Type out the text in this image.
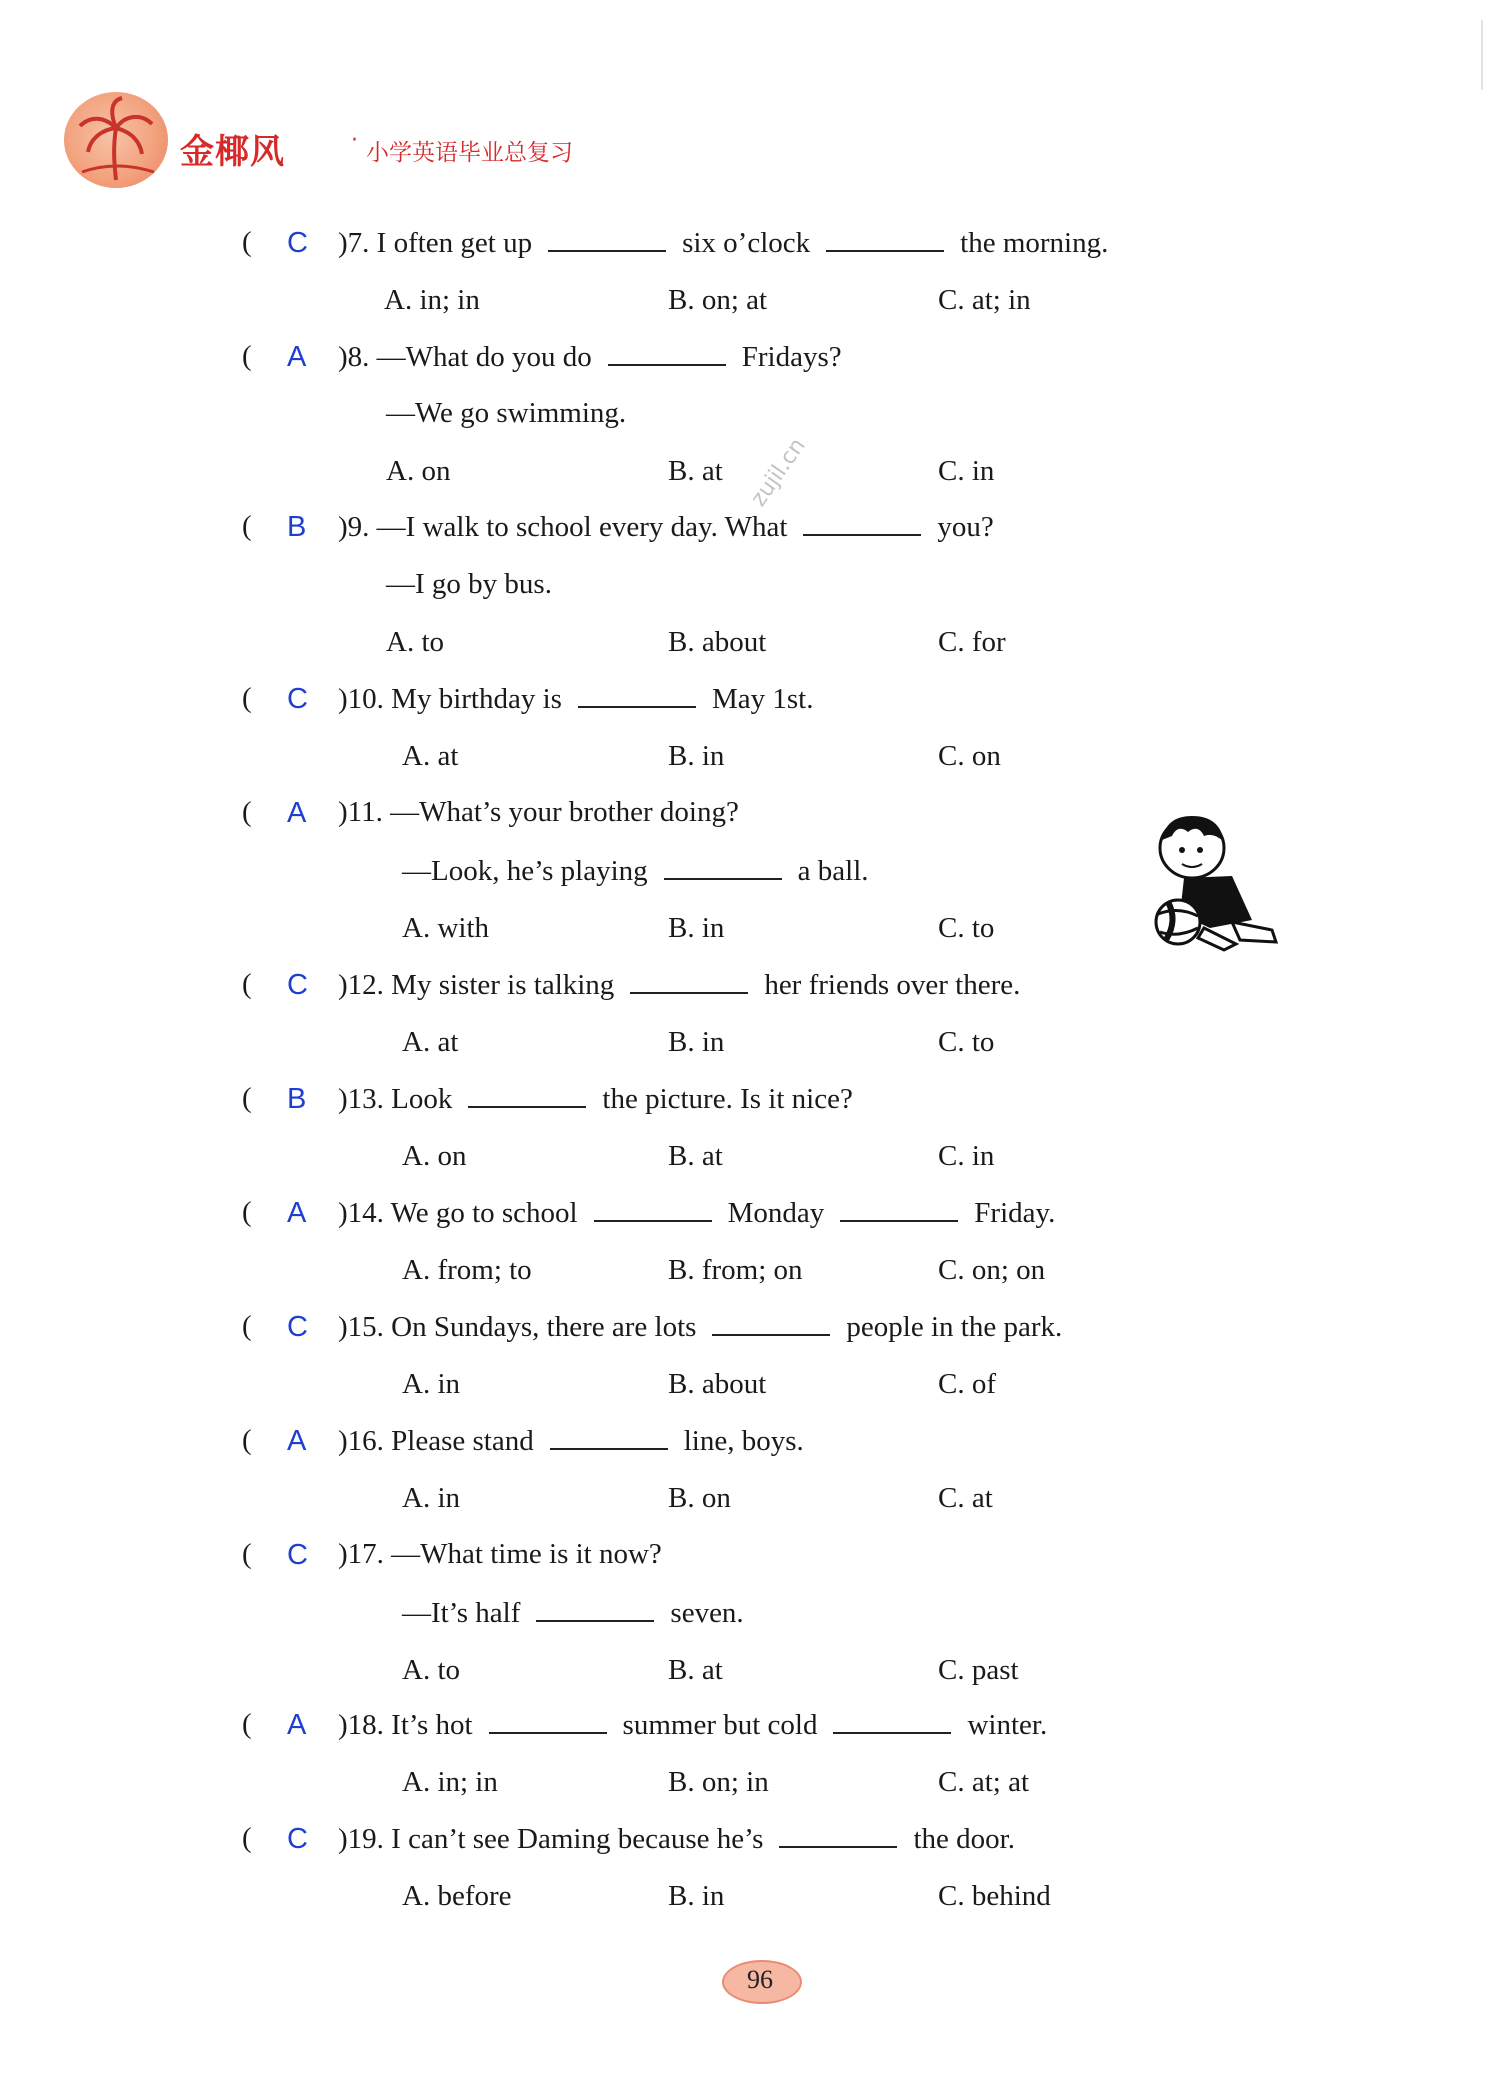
金椰风	· 小学英语毕业总复习
zujil.cn
( C )7. I often get up	six o’clock	the morning.
A. in; in	B. on; at	C. at; in
( A )8. —What do you do	Fridays?
—We go swimming.
A. on	B. at	C. in
( B )9. —I walk to school every day. What	you?
—I go by bus.
A. to	B. about	C. for
( C )10. My birthday is	May 1st.
A. at	B. in	C. on
( A )11. —What’s your brother doing?
—Look, he’s playing	a ball.
A. with	B. in	C. to
( C )12. My sister is talking	her friends over there.
A. at	B. in	C. to
( B )13. Look	the picture. Is it nice?
A. on	B. at	C. in
( A )14. We go to school	Monday	Friday.
A. from; to	B. from; on	C. on; on
( C )15. On Sundays, there are lots	people in the park.
A. in	B. about	C. of
( A )16. Please stand	line, boys.
A. in	B. on	C. at
( C )17. —What time is it now?
—It’s half	seven.
A. to	B. at	C. past
( A )18. It’s hot	summer but cold	winter.
A. in; in	B. on; in	C. at; at
( C )19. I can’t see Daming because he’s	the door.
A. before	B. in	C. behind
96
